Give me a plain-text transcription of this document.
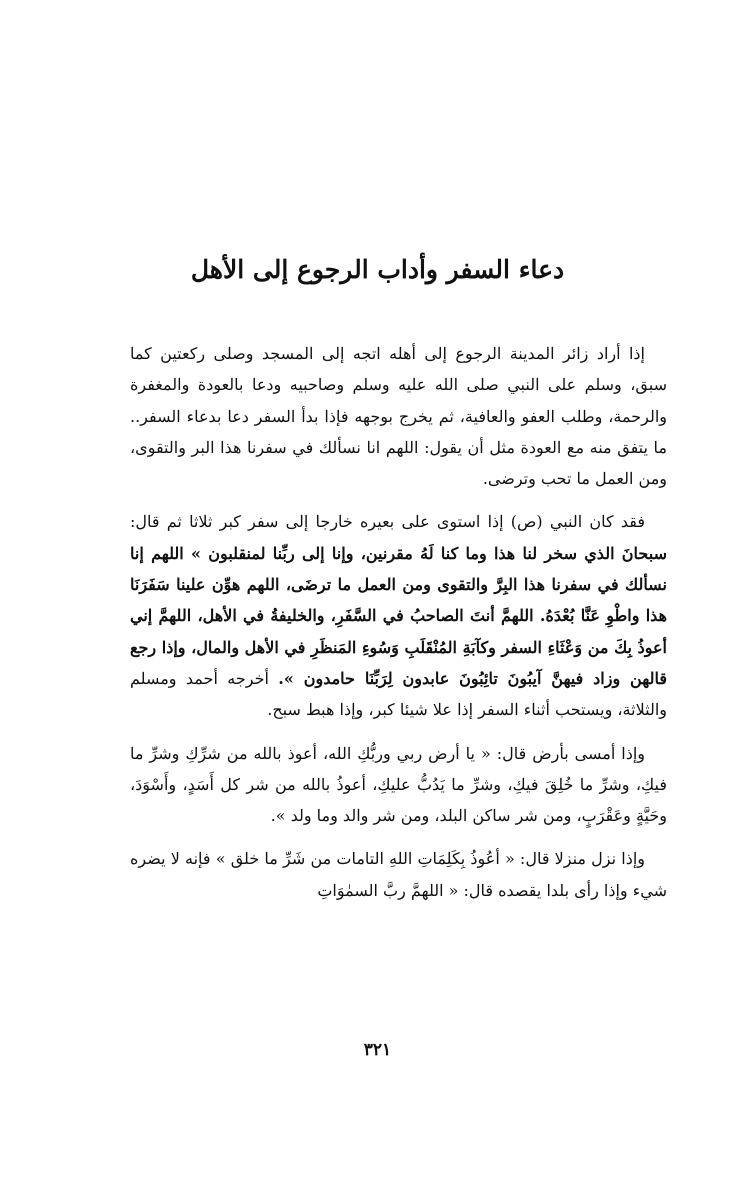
دعاء السفر وأداب الرجوع إلى الأهل

إذا أراد زائر المدينة الرجوع إلى أهله اتجه إلى المسجد وصلى ركعتين كما سبق، وسلم على النبي صلى الله عليه وسلم وصاحبيه ودعا بالعودة والمغفرة والرحمة، وطلب العفو والعافية، ثم يخرج بوجهه فإذا بدأ السفر دعا بدعاء السفر.. ما يتفق منه مع العودة مثل أن يقول: اللهم انا نسألك في سفرنا هذا البر والتقوى، ومن العمل ما تحب وترضى.

فقد كان النبي (ص) إذا استوى على بعيره خارجا إلى سفر كبر ثلاثا ثم قال: سبحانَ الذي سخر لنا هذا وما كنا لَهُ مقرنين، وإنا إلى ربِّنا لمنقلبون » اللهم إنا نسألك في سفرنا هذا البِرَّ والتقوى ومن العمل ما ترضَى، اللهم هوِّن علينا سَفَرَنَا هذا واطْوِ عَنَّا بُعْدَهُ. اللهمَّ أنتَ الصاحبُ في السَّفَرِ، والخليفةُ في الأهل، اللهمَّ إني أعوذُ بِكَ من وَعْثَاءِ السفر وكآبَةِ المُنْقَلَبِ وَسُوءِ المَنظَرِ في الأهل والمال، وإذا رجع قالهن وزاد فيهنَّ آيبُونَ تائِبُونَ عابدون لِرَبِّنَا حامدون ». أخرجه أحمد ومسلم والثلاثة، ويستحب أثناء السفر إذا علا شيئا كبر، وإذا هبط سبح.

وإذا أمسى بأرض قال: « يا أرض ربي وربُّكِ الله، أعوذ بالله من شرِّكِ وشرِّ ما فيكِ، وشرِّ ما خُلِقَ فيكِ، وشرِّ ما يَدُبُّ عليكِ، أعوذُ بالله من شر كل أَسَدٍ، وأَسْوَدَ، وحَيَّةٍ وعَقْرَبٍ، ومن شر ساكن البلد، ومن شر والد وما ولد ».

وإذا نزل منزلا قال: « أعُوذُ بِكَلِمَاتِ اللهِ التامات من شَرِّ ما خلق » فإنه لا يضره شيء وإذا رأى بلدا يقصده قال: « اللهمَّ ربَّ السمٰوَاتِ

٣٢١
